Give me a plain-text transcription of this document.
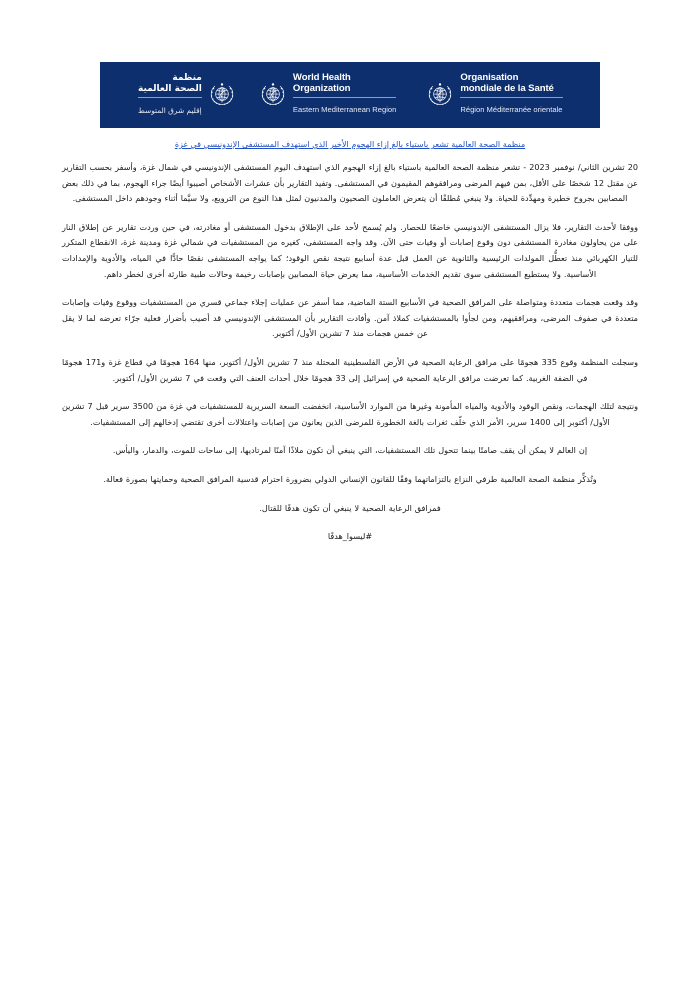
Organisation
mondiale de la Santé
Région Méditerranée orientale
World Health
Organization
Eastern Mediterranean Region
منظمة
الصحة العالمية
إقليم شرق المتوسط
منظمة الصحة العالمية تشعر باستياء بالغ إزاء الهجوم الأخير الذي استهدف المستشفى الإندونيسي في غزة

20 تشرين الثاني/ نوفمبر 2023 - تشعر منظمة الصحة العالمية باستياء بالغ إزاء الهجوم الذي استهدف اليوم المستشفى الإندونيسي في شمال غزة، وأسفر بحسب التقارير عن مقتل 12 شخصًا على الأقل، بمن فيهم المرضى ومرافقوهم المقيمون في المستشفى. وتفيد التقارير بأن عشرات الأشخاص أصيبوا أيضًا جراء الهجوم، بما في ذلك بعض المصابين بجروح خطيرة ومهدِّدة للحياة. ولا ينبغي مُطلقًا أن يتعرض العاملون الصحيون والمدنيون لمثل هذا النوع من الترويع، ولا سيَّما أثناء وجودهم داخل المستشفى.

ووفقا لأحدث التقارير، فلا يزال المستشفى الإندونيسي خاضعًا للحصار. ولم يُسمح لأحد على الإطلاق بدخول المستشفى أو مغادرته، في حين وردت تقارير عن إطلاق النار على من يحاولون مغادرة المستشفى دون وقوع إصابات أو وفيات حتى الآن. وقد واجه المستشفى، كغيره من المستشفيات في شمالي غزة ومدينة غزة، الانقطاع المتكرر للتيار الكهربائي منذ تعطُّل المولدات الرئيسية والثانوية عن العمل قبل عدة أسابيع نتيجة نقص الوقود؛ كما يواجه المستشفى نقصًا حادًّا في المياه، والأدوية والإمدادات الأساسية. ولا يستطيع المستشفى سوى تقديم الخدمات الأساسية، مما يعرض حياة المصابين بإصابات رخيمة وحالات طبية طارئة أخرى لخطر داهم.

وقد وقعت هجمات متعددة ومتواصلة على المرافق الصحية في الأسابيع الستة الماضية، مما أسفر عن عمليات إجلاء جماعي قسري من المستشفيات ووقوع وفيات وإصابات متعددة في صفوف المرضى، ومرافقيهم، ومن لجأوا بالمستشفيات كملاذ آمن. وأفادت التقارير بأن المستشفى الإندونيسي قد أصيب بأضرار فعلية جرّاء تعرضه لما لا يقل عن خمس هجمات منذ 7 تشرين الأول/ أكتوبر.

وسجلت المنظمة وقوع 335 هجومًا على مرافق الرعاية الصحية في الأرض الفلسطينية المحتلة منذ 7 تشرين الأول/ أكتوبر، منها 164 هجومًا في قطاع غزة و171 هجومًا في الضفة الغربية. كما تعرضت مرافق الرعاية الصحية في إسرائيل إلى 33 هجومًا خلال أحداث العنف التي وقعت في 7 تشرين الأول/ أكتوبر.

ونتيجة لتلك الهجمات، ونقص الوقود والأدوية والمياه المأمونة وغيرها من الموارد الأساسية، انخفضت السعة السريرية للمستشفيات في غزة من 3500 سرير قبل 7 تشرين الأول/ أكتوبر إلى 1400 سرير، الأمر الذي خلّف ثغرات بالغة الخطورة للمرضى الذين يعانون من إصابات واعتلالات أخرى تقتضي إدخالهم إلى المستشفيات.

إن العالم لا يمكن أن يقف صامتًا بينما تتحول تلك المستشفيات، التي ينبغي أن تكون ملاذًا آمنًا لمرتاديها، إلى ساحات للموت، والدمار، واليأس.

وتُذكِّر منظمة الصحة العالمية طرفي النزاع بالتزاماتهما وفقًا للقانون الإنساني الدولي بضرورة احترام قدسية المرافق الصحية وحمايتها بصورة فعالة.

فمرافق الرعاية الصحية لا ينبغي أن تكون هدفًا للقتال.

#ليسوا_هدفًا
